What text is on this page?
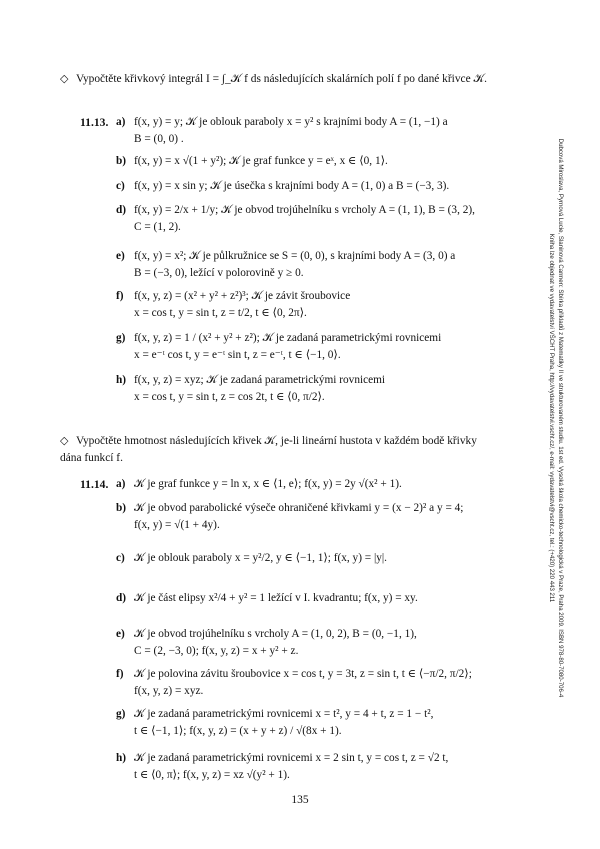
Dubcová Miroslava, Pyrnová Lucie, Slaninová Carmen: Sbírka příkladů z Matematiky II ve strukturovaném studiu. 1st ed. Vysoká škola chemicko-technologická v Praze, Praha 2009. ISBN 978-80-7080-706-4
Kniha lze objednat ve vydavatelství VŠCHT Praha, http://vydavatelstvi.vscht.cz/, e-mail: vydavatelstvi@vscht.cz, tel.: (+420) 220 443 211
◇ Vypočtěte křivkový integrál I = ∫_𝒦 f ds následujících skalárních polí f po dané křivce 𝒦.
11.13. a) f(x, y) = y; 𝒦 je oblouk paraboly x = y² s krajními body A = (1, −1) a
B = (0, 0) .
b) f(x, y) = x √(1 + y²); 𝒦 je graf funkce y = eˣ, x ∈ ⟨0, 1⟩.
c) f(x, y) = x sin y; 𝒦 je úsečka s krajními body A = (1, 0) a B = (−3, 3).
d) f(x, y) = 2/x + 1/y; 𝒦 je obvod trojúhelníku s vrcholy A = (1, 1), B = (3, 2),
C = (1, 2).
e) f(x, y) = x²; 𝒦 je půlkružnice se S = (0, 0), s krajními body A = (3, 0) a
B = (−3, 0), ležící v polorovině y ≥ 0.
f) f(x, y, z) = (x² + y² + z²)³; 𝒦 je závit šroubovice
x = cos t, y = sin t, z = t/2, t ∈ ⟨0, 2π⟩.
g) f(x, y, z) = 1 / (x² + y² + z²); 𝒦 je zadaná parametrickými rovnicemi
x = e⁻ᵗ cos t, y = e⁻ᵗ sin t, z = e⁻ᵗ, t ∈ ⟨−1, 0⟩.
h) f(x, y, z) = xyz; 𝒦 je zadaná parametrickými rovnicemi
x = cos t, y = sin t, z = cos 2t, t ∈ ⟨0, π/2⟩.
◇ Vypočtěte hmotnost následujících křivek 𝒦, je-li lineární hustota v každém bodě křivky
dána funkcí f.
11.14. a) 𝒦 je graf funkce y = ln x, x ∈ ⟨1, e⟩; f(x, y) = 2y √(x² + 1).
b) 𝒦 je obvod parabolické výseče ohraničené křivkami y = (x − 2)² a y = 4;
f(x, y) = √(1 + 4y).
c) 𝒦 je oblouk paraboly x = y²/2, y ∈ ⟨−1, 1⟩; f(x, y) = |y|.
d) 𝒦 je část elipsy x²/4 + y² = 1 ležící v I. kvadrantu; f(x, y) = xy.
e) 𝒦 je obvod trojúhelníku s vrcholy A = (1, 0, 2), B = (0, −1, 1),
C = (2, −3, 0); f(x, y, z) = x + y² + z.
f) 𝒦 je polovina závitu šroubovice x = cos t, y = 3t, z = sin t, t ∈ ⟨−π/2, π/2⟩;
f(x, y, z) = xyz.
g) 𝒦 je zadaná parametrickými rovnicemi x = t², y = 4 + t, z = 1 − t²,
t ∈ ⟨−1, 1⟩; f(x, y, z) = (x + y + z) / √(8x + 1).
h) 𝒦 je zadaná parametrickými rovnicemi x = 2 sin t, y = cos t, z = √2 t,
t ∈ ⟨0, π⟩; f(x, y, z) = xz √(y² + 1).
135
